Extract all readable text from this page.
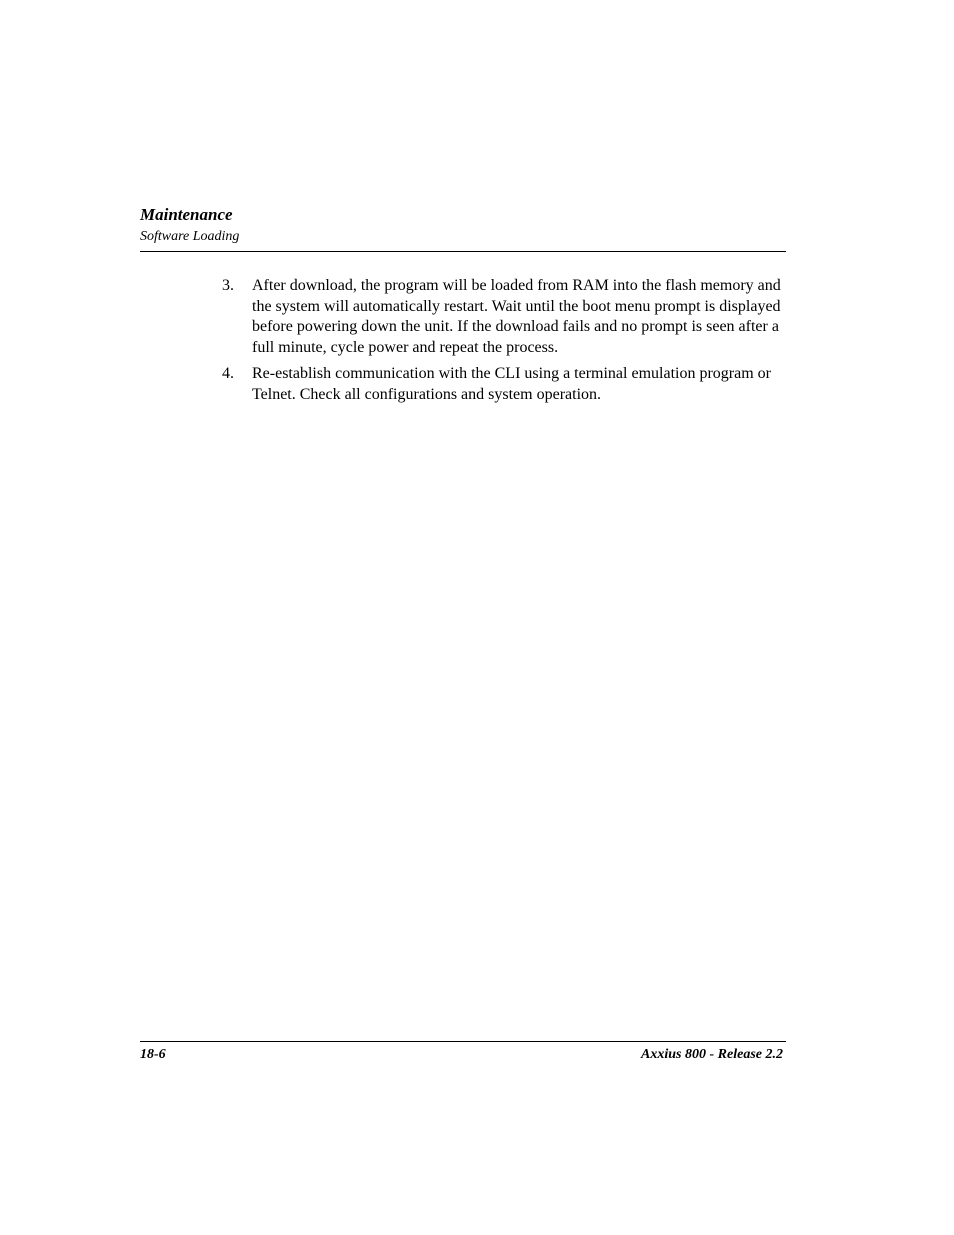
Maintenance
Software Loading
3.	After download, the program will be loaded from RAM into the flash memory and the system will automatically restart. Wait until the boot menu prompt is displayed before powering down the unit. If the download fails and no prompt is seen after a full minute, cycle power and repeat the process.
4.	Re-establish communication with the CLI using a terminal emulation program or Telnet. Check all configurations and system operation.
18-6	Axxius 800 - Release 2.2
